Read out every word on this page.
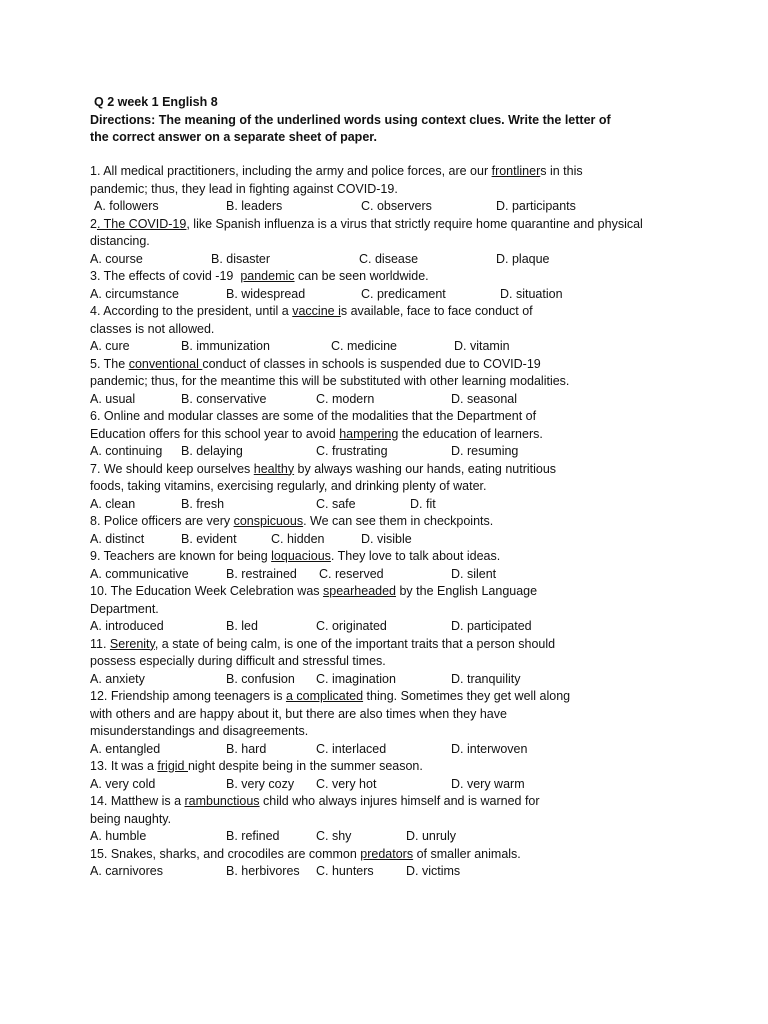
Q 2 week 1 English 8
Directions: The meaning of the underlined words using context clues. Write the letter of
the correct answer on a separate sheet of paper.
1. All medical practitioners, including the army and police forces, are our frontliners in this
pandemic; thus, they lead in fighting against COVID-19.
A. followers	B. leaders	C. observers	D. participants
2. The COVID-19, like Spanish influenza is a virus that strictly require home quarantine and physical
distancing.
A. course	B. disaster	C. disease	D. plaque
3. The effects of covid -19  pandemic can be seen worldwide.
A. circumstance	B. widespread	C. predicament	D. situation
4. According to the president, until a vaccine is available, face to face conduct of
classes is not allowed.
A. cure	B. immunization	C. medicine	D. vitamin
5. The conventional conduct of classes in schools is suspended due to COVID-19
pandemic; thus, for the meantime this will be substituted with other learning modalities.
A. usual	B. conservative	C. modern	D. seasonal
6. Online and modular classes are some of the modalities that the Department of
Education offers for this school year to avoid hampering the education of learners.
A. continuing B. delaying	C. frustrating	D. resuming
7. We should keep ourselves healthy by always washing our hands, eating nutritious
foods, taking vitamins, exercising regularly, and drinking plenty of water.
A. clean	B. fresh	C. safe	D. fit
8. Police officers are very conspicuous. We can see them in checkpoints.
A. distinct	B. evident	C. hidden	D. visible
9. Teachers are known for being loquacious. They love to talk about ideas.
A. communicative	B. restrained C. reserved	D. silent
10. The Education Week Celebration was spearheaded by the English Language
Department.
A. introduced	B. led	C. originated	D. participated
11. Serenity, a state of being calm, is one of the important traits that a person should
possess especially during difficult and stressful times.
A. anxiety	B. confusion C. imagination	D. tranquility
12. Friendship among teenagers is a complicated thing. Sometimes they get well along
with others and are happy about it, but there are also times when they have
misunderstandings and disagreements.
A. entangled	B. hard	C. interlaced	D. interwoven
13. It was a frigid night despite being in the summer season.
A. very cold	B. very cozy C. very hot	D. very warm
14. Matthew is a rambunctious child who always injures himself and is warned for
being naughty.
A. humble	B. refined	C. shy	D. unruly
15. Snakes, sharks, and crocodiles are common predators of smaller animals.
A. carnivores	B. herbivores C. hunters	D. victims
